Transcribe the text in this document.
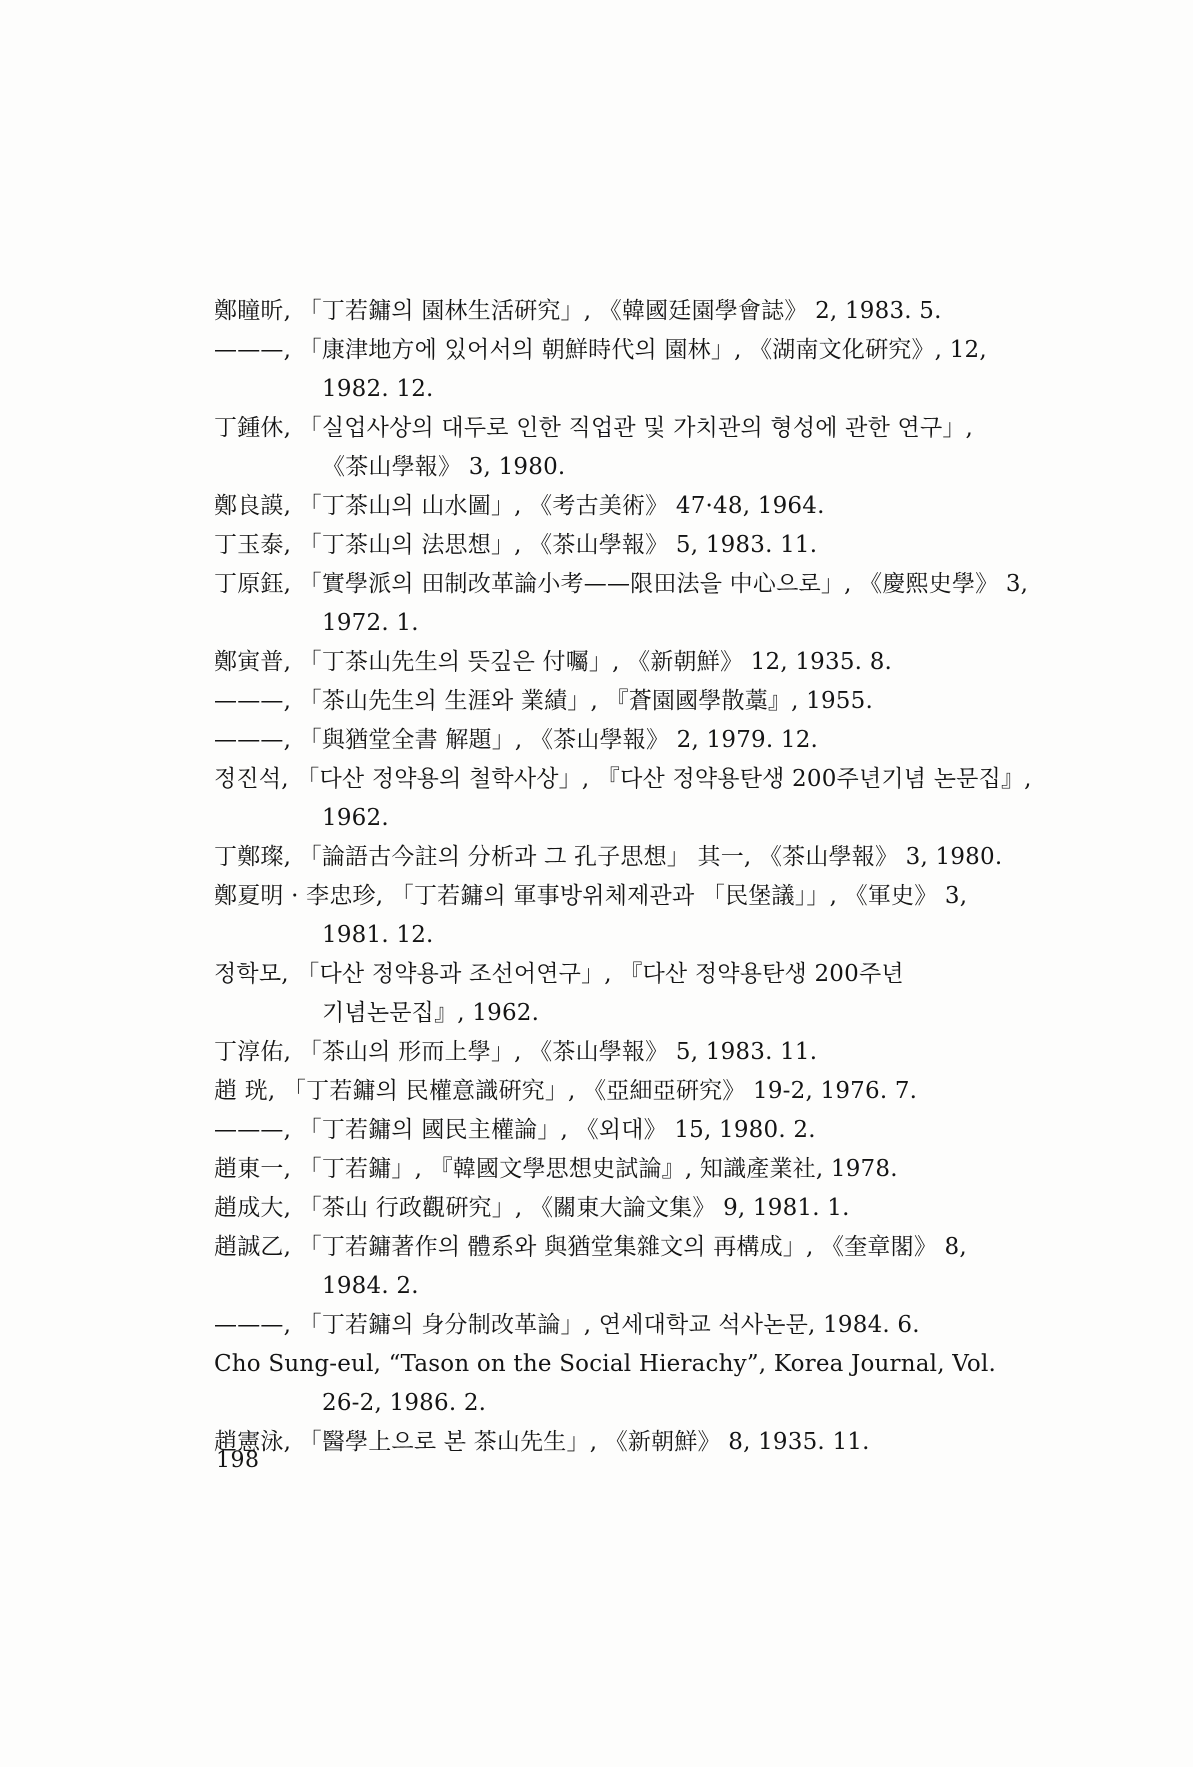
鄭瞳昕, 「丁若鏞의 園林生活硏究」, 《韓國廷園學會誌》 2, 1983. 5.
———, 「康津地方에 있어서의 朝鮮時代의 園林」, 《湖南文化硏究》, 12, 1982. 12.
丁鍾休, 「실업사상의 대두로 인한 직업관 및 가치관의 형성에 관한 연구」, 《茶山學報》 3, 1980.
鄭良謨, 「丁茶山의 山水圖」, 《考古美術》 47·48, 1964.
丁玉泰, 「丁茶山의 法思想」, 《茶山學報》 5, 1983. 11.
丁原鈺, 「實學派의 田制改革論小考——限田法을 中心으로」, 《慶熙史學》 3, 1972. 1.
鄭寅普, 「丁茶山先生의 뜻깊은 付囑」, 《新朝鮮》 12, 1935. 8.
———, 「茶山先生의 生涯와 業績」, 『蒼園國學散藁』, 1955.
———, 「與猶堂全書 解題」, 《茶山學報》 2, 1979. 12.
정진석, 「다산 정약용의 철학사상」, 『다산 정약용탄생 200주년기념 논문집』, 1962.
丁鄭璨, 「論語古今註의 分析과 그 孔子思想」 其一, 《茶山學報》 3, 1980.
鄭夏明 · 李忠珍, 「丁若鏞의 軍事방위체제관과 「民堡議」」, 《軍史》 3, 1981. 12.
정학모, 「다산 정약용과 조선어연구」, 『다산 정약용탄생 200주년 기념논문집』, 1962.
丁淳佑, 「茶山의 形而上學」, 《茶山學報》 5, 1983. 11.
趙 珖, 「丁若鏞의 民權意識硏究」, 《亞細亞硏究》 19-2, 1976. 7.
———, 「丁若鏞의 國民主權論」, 《외대》 15, 1980. 2.
趙東一, 「丁若鏞」, 『韓國文學思想史試論』, 知識產業社, 1978.
趙成大, 「茶山 行政觀硏究」, 《關東大論文集》 9, 1981. 1.
趙誠乙, 「丁若鏞著作의 體系와 與猶堂集雜文의 再構成」, 《奎章閣》 8, 1984. 2.
———, 「丁若鏞의 身分制改革論」, 연세대학교 석사논문, 1984. 6.
Cho Sung-eul, “Tason on the Social Hierachy”, Korea Journal, Vol. 26-2, 1986. 2.
趙憲泳, 「醫學上으로 본 茶山先生」, 《新朝鮮》 8, 1935. 11.
198
